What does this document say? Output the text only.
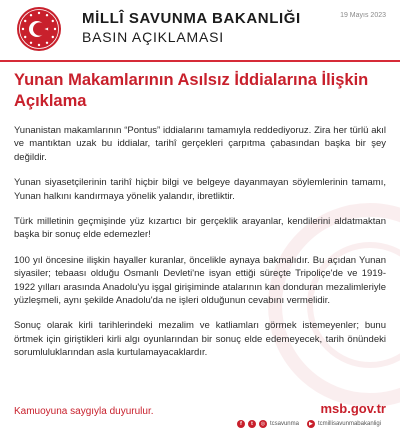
MİLLÎ SAVUNMA BAKANLIĞI
BASIN AÇIKLAMASI
19 Mayıs 2023
Yunan Makamlarının Asılsız İddialarına İlişkin Açıklama

Yunanistan makamlarının “Pontus” iddialarını tamamıyla reddediyoruz. Zira her türlü akıl ve mantıktan uzak bu iddialar, tarihî gerçekleri çarpıtma çabasından başka bir şey değildir.

Yunan siyasetçilerinin tarihî hiçbir bilgi ve belgeye dayanmayan söylemlerinin tamamı, Yunan halkını kandırmaya yönelik yalandır, ibretliktir.

Türk milletinin geçmişinde yüz kızartıcı bir gerçeklik arayanlar, kendilerini aldatmaktan başka bir sonuç elde edemezler!

100 yıl öncesine ilişkin hayaller kuranlar, öncelikle aynaya bakmalıdır. Bu açıdan Yunan siyasiler; tebaası olduğu Osmanlı Devleti'ne isyan ettiği süreçte Tripoliçe'de ve 1919-1922 yılları arasında Anadolu'yu işgal girişiminde atalarının kan donduran mezalimleriyle yüzleşmeli, aynı şekilde Anadolu'da ne işleri olduğunun cevabını vermelidir.

Sonuç olarak kirli tarihlerindeki mezalim ve katliamları görmek istemeyenler; bunu örtmek için giriştikleri kirli algı oyunlarından bir sonuç elde edemeyecek, tarih önündeki sorumluluklarından asla kurtulamayacaklardır.

Kamuoyuna saygıyla duyurulur.	msb.gov.tr
f	t	◎ tcsavunma	▶ tcmillisavunmabakanligi
